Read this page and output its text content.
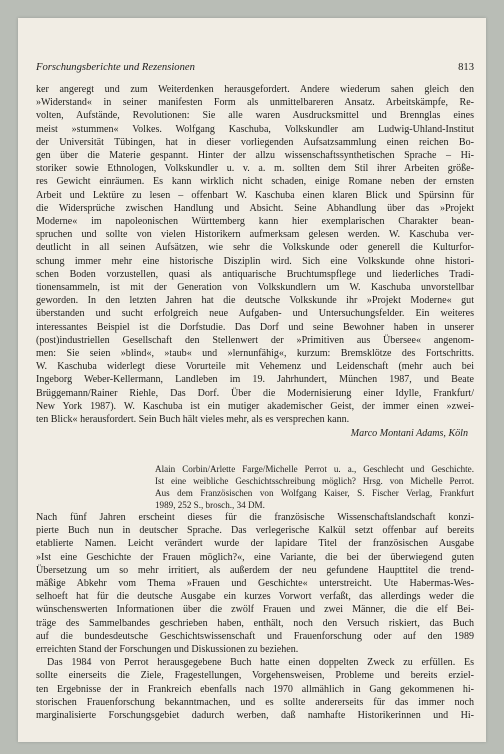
Forschungsberichte und Rezensionen	813
ker angeregt und zum Weiterdenken herausgefordert. Andere wiederum sahen gleich den
»Widerstand« in seiner manifesten Form als unmittelbareren Ansatz. Arbeitskämpfe, Re-
volten, Aufstände, Revolutionen: Sie alle waren Ausdrucksmittel und Brennglas eines
meist »stummen« Volkes. Wolfgang Kaschuba, Volkskundler am Ludwig-Uhland-Institut
der Universität Tübingen, hat in dieser vorliegenden Aufsatzsammlung einen reichen Bo-
gen über die Materie gespannt. Hinter der allzu wissenschaftssynthetischen Sprache – Hi-
storiker sowie Ethnologen, Volkskundler u. v. a. m. sollten dem Stil ihrer Arbeiten größe-
res Gewicht einräumen. Es kann wirklich nicht schaden, einige Romane neben der ernsten
Arbeit und Lektüre zu lesen – offenbart W. Kaschuba einen klaren Blick und Spürsinn für
die Widersprüche zwischen Handlung und Absicht. Seine Abhandlung über das »Projekt
Moderne« im napoleonischen Württemberg kann hier exemplarischen Charakter bean-
spruchen und sollte von vielen Historikern aufmerksam gelesen werden. W. Kaschuba ver-
deutlicht in all seinen Aufsätzen, wie sehr die Volkskunde oder generell die Kulturfor-
schung immer mehr eine historische Disziplin wird. Sich eine Volkskunde ohne histori-
schen Boden vorzustellen, quasi als antiquarische Bruchtumspflege und liederliches Tradi-
tionensammeln, ist mit der Generation von Volkskundlern um W. Kaschuba unvorstellbar
geworden. In den letzten Jahren hat die deutsche Volkskunde ihr »Projekt Moderne« gut
überstanden und sucht erfolgreich neue Aufgaben- und Untersuchungsfelder. Ein weiteres
interessantes Beispiel ist die Dorfstudie. Das Dorf und seine Bewohner haben in unserer
(post)industriellen Gesellschaft den Stellenwert der »Primitiven aus Übersee« angenom-
men: Sie seien »blind«, »taub« und »lernunfähig«, kurzum: Bremsklötze des Fortschritts.
W. Kaschuba widerlegt diese Vorurteile mit Vehemenz und Leidenschaft (mehr auch bei
Ingeborg Weber-Kellermann, Landleben im 19. Jahrhundert, München 1987, und Beate
Brüggemann/Rainer Riehle, Das Dorf. Über die Modernisierung einer Idylle, Frankfurt/
New York 1987). W. Kaschuba ist ein mutiger akademischer Geist, der immer einen »zwei-
ten Blick« herausfordert. Sein Buch hält vieles mehr, als es versprechen kann.
Marco Montani Adams, Köln
Alain Corbin/Arlette Farge/Michelle Perrot u. a., Geschlecht und Geschichte.
Ist eine weibliche Geschichtsschreibung möglich? Hrsg. von Michelle Perrot.
Aus dem Französischen von Wolfgang Kaiser, S. Fischer Verlag, Frankfurt
1989, 252 S., brosch., 34 DM.
Nach fünf Jahren erscheint dieses für die französische Wissenschaftslandschaft konzi-
pierte Buch nun in deutscher Sprache. Das verlegerische Kalkül setzt offenbar auf bereits
etablierte Namen. Leicht verändert wurde der lapidare Titel der französischen Ausgabe
»Ist eine Geschichte der Frauen möglich?«, eine Variante, die bei der überwiegend guten
Übersetzung um so mehr irritiert, als außerdem der neu gefundene Haupttitel die trend-
mäßige Abkehr vom Thema »Frauen und Geschichte« unterstreicht. Ute Habermas-Wes-
selhoeft hat für die deutsche Ausgabe ein kurzes Vorwort verfaßt, das allerdings weder die
wünschenswerten Informationen über die zwölf Frauen und zwei Männer, die die elf Bei-
träge des Sammelbandes geschrieben haben, enthält, noch den Versuch riskiert, das Buch
auf die bundesdeutsche Geschichtswissenschaft und Frauenforschung oder auf den 1989
erreichten Stand der Forschungen und Diskussionen zu beziehen.
Das 1984 von Perrot herausgegebene Buch hatte einen doppelten Zweck zu erfüllen. Es
sollte einerseits die Ziele, Fragestellungen, Vorgehensweisen, Probleme und bereits erziel-
ten Ergebnisse der in Frankreich ebenfalls nach 1970 allmählich in Gang gekommenen hi-
storischen Frauenforschung bekanntmachen, und es sollte andererseits für das immer noch
marginalisierte Forschungsgebiet dadurch werben, daß namhafte Historikerinnen und Hi-
